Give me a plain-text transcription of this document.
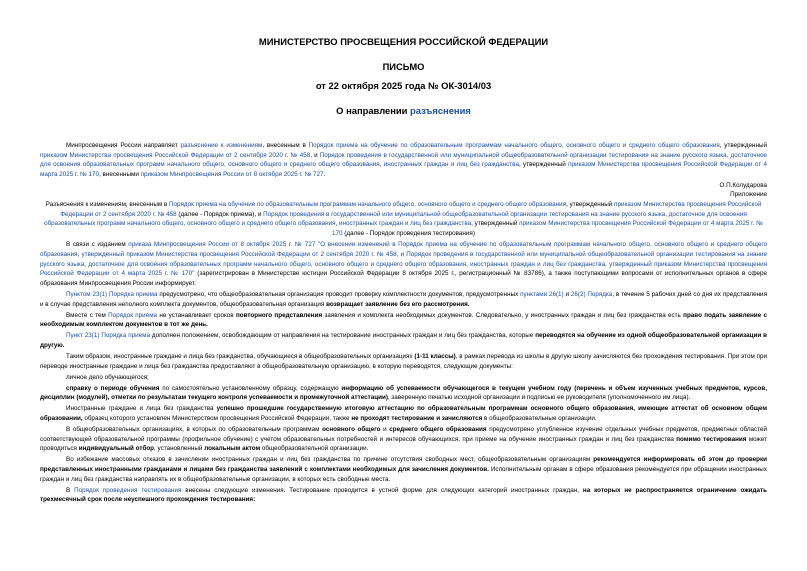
МИНИСТЕРСТВО ПРОСВЕЩЕНИЯ РОССИЙСКОЙ ФЕДЕРАЦИИ
ПИСЬМО
от 22 октября 2025 года № ОК-3014/03
О направлении разъяснения

Минпросвещения России направляет разъяснение к изменениям, внесенным в Порядок приема на обучение по образовательным программам начального общего, основного общего и среднего общего образования, утвержденный приказом Министерства просвещения Российской Федерации от 2 сентября 2020 г. № 458, и Порядок проведения в государственной или муниципальной общеобразовательной организации тестирования на знание русского языка, достаточное для освоения образовательных программ начального общего, основного общего и среднего общего образования, иностранных граждан и лиц без гражданства, утвержденный приказом Министерства просвещения Российской Федерации от 4 марта 2025 г. № 170, внесенными приказом Минпросвещения России от 8 октября 2025 г. № 727.

О.П.Колударова

Приложение

Разъяснения к изменениям, внесенным в Порядок приема на обучение по образовательным программам начального общего, основного общего и среднего общего образования, утвержденный приказом Министерства просвещения Российской Федерации от 2 сентября 2020 г. № 458 (далее - Порядок приема), и Порядок проведения в государственной или муниципальной общеобразовательной организации тестирования на знание русского языка, достаточное для освоения образовательных программ начального общего, основного общего и среднего общего образования, иностранных граждан и лиц без гражданства, утвержденный приказом Министерства просвещения Российской Федерации от 4 марта 2025 г. № 170 (далее - Порядок проведения тестирования)

В связи с изданием приказа Минпросвещения России от 8 октября 2025 г. № 727 "О внесении изменений в Порядок приема на обучение по образовательным программам начального общего, основного общего и среднего общего образования, утвержденный приказом Министерства просвещения Российской Федерации от 2 сентября 2020 г. № 458, и Порядок проведения в государственной или муниципальной общеобразовательной организации тестирования на знание русского языка, достаточное для освоения образовательных программ начального общего, основного общего и среднего общего образования, иностранных граждан и лиц без гражданства, утвержденный приказом Министерства просвещения Российской Федерации от 4 марта 2025 г. № 170" (зарегистрирован в Министерстве юстиции Российской Федерации 8 октября 2025 г., регистрационный № 83786), а также поступающими вопросами от исполнительных органов в сфере образования Минпросвещения России информирует.

Пунктом 23(1) Порядка приема предусмотрено, что общеобразовательная организация проводит проверку комплектности документов, предусмотренных пунктами 26(1) и 26(2) Порядка, в течение 5 рабочих дней со дня их представления и в случае представления неполного комплекта документов, общеобразовательная организация возвращает заявление без его рассмотрения.

Вместе с тем Порядок приема не устанавливает сроков повторного представления заявления и комплекта необходимых документов. Следовательно, у иностранных граждан и лиц без гражданства есть право подать заявление с необходимым комплектом документов в тот же день.

Пункт 23(1) Порядка приема дополнен положением, освобождающим от направления на тестирование иностранных граждан и лиц без гражданства, которые переводятся на обучение из одной общеобразовательной организации в другую.

Таким образом, иностранные граждане и лица без гражданства, обучающиеся в общеобразовательных организациях (1-11 классы), в рамках перевода из школы в другую школу зачисляются без прохождения тестирования. При этом при переводе иностранные граждане и лица без гражданства предоставляют в общеобразовательную организацию, в которую переводятся, следующие документы:

личное дело обучающегося;

справку о периоде обучения по самостоятельно установленному образцу, содержащую информацию об успеваемости обучающегося в текущем учебном году (перечень и объем изученных учебных предметов, курсов, дисциплин (модулей), отметки по результатам текущего контроля успеваемости и промежуточной аттестации), заверенную печатью исходной организации и подписью ее руководителя (уполномоченного им лица).

Иностранные граждане и лица без гражданства успешно прошедшие государственную итоговую аттестацию по образовательным программам основного общего образования, имеющие аттестат об основном общем образовании, образец которого установлен Министерством просвещения Российской Федерации, также не проходят тестирование и зачисляются в общеобразовательные организации.

В общеобразовательных организациях, в которых по образовательным программам основного общего и среднего общего образования предусмотрено углубленное изучение отдельных учебных предметов, предметных областей соответствующей образовательной программы (профильное обучение) с учетом образовательных потребностей и интересов обучающихся, при приеме на обучение иностранных граждан и лиц без гражданства помимо тестирования может проводиться индивидуальный отбор, установленный локальным актом общеобразовательной организации.

Во избежание массовых отказов в зачислении иностранных граждан и лиц без гражданства по причине отсутствия свободных мест, общеобразовательным организациям рекомендуется информировать об этом до проверки представленных иностранными гражданами и лицами без гражданства заявлений с комплектами необходимых для зачисления документов. Исполнительным органам в сфере образования рекомендуется при обращении иностранных граждан и лиц без гражданства направлять их в общеобразовательные организации, в которых есть свободные места.

В Порядок проведения тестирования внесены следующие изменения. Тестирование проводится в устной форме для следующих категорий иностранных граждан, на которых не распространяется ограничение ожидать трехмесячный срок после неуспешного прохождения тестирования:
